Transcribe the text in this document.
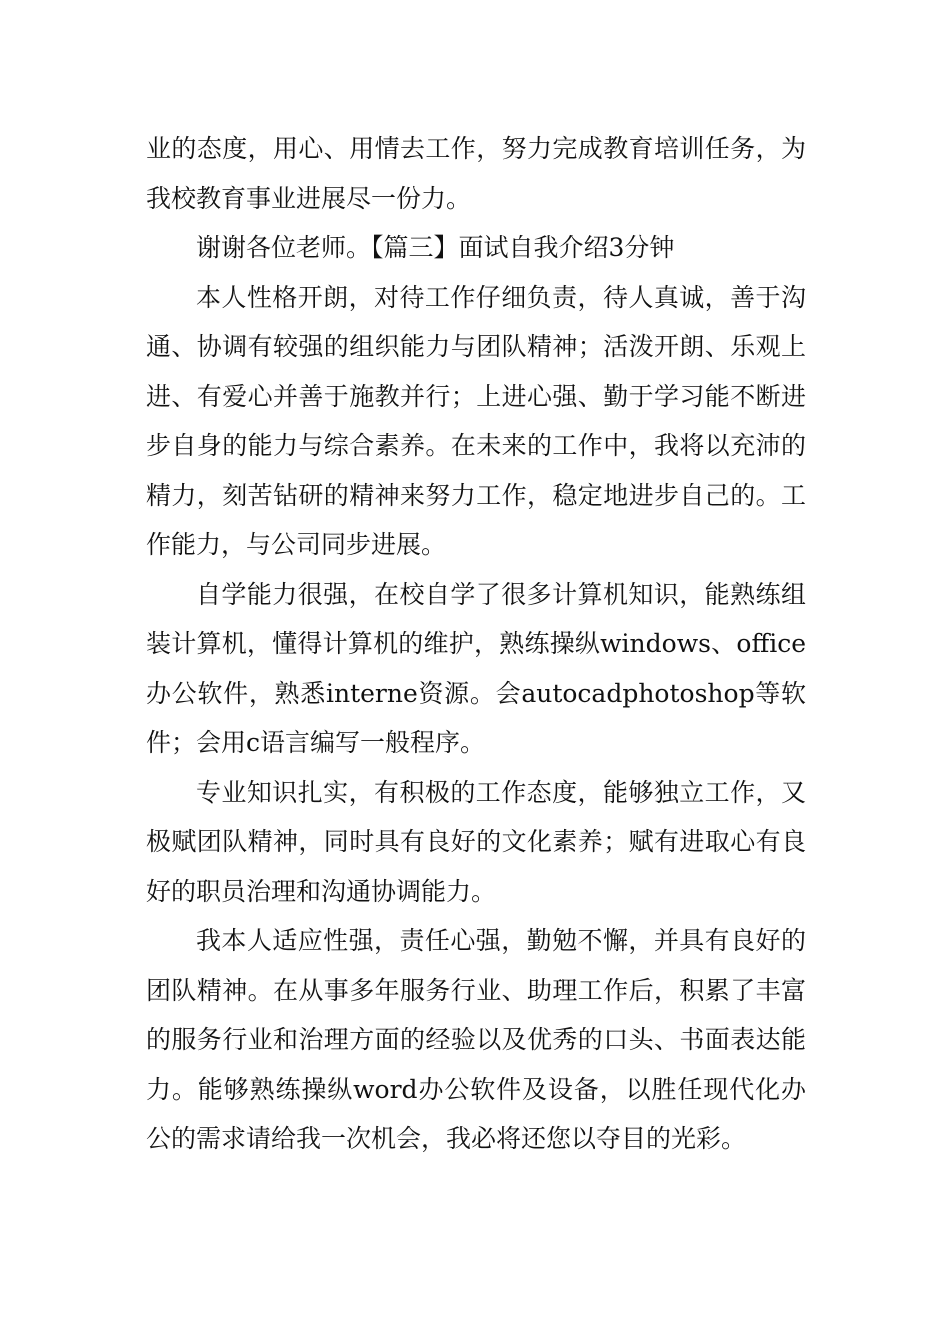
业的态度，用心、用情去工作，努力完成教育培训任务，为我校教育事业进展尽一份力。

谢谢各位老师。【篇三】面试自我介绍3分钟

本人性格开朗，对待工作仔细负责，待人真诚，善于沟通、协调有较强的组织能力与团队精神；活泼开朗、乐观上进、有爱心并善于施教并行；上进心强、勤于学习能不断进步自身的能力与综合素养。在未来的工作中，我将以充沛的精力，刻苦钻研的精神来努力工作，稳定地进步自己的。工作能力，与公司同步进展。

自学能力很强，在校自学了很多计算机知识，能熟练组装计算机，懂得计算机的维护，熟练操纵windows、office办公软件，熟悉interne资源。会autocadphotoshop等软件；会用c语言编写一般程序。

专业知识扎实，有积极的工作态度，能够独立工作，又极赋团队精神，同时具有良好的文化素养；赋有进取心有良好的职员治理和沟通协调能力。

我本人适应性强，责任心强，勤勉不懈，并具有良好的团队精神。在从事多年服务行业、助理工作后，积累了丰富的服务行业和治理方面的经验以及优秀的口头、书面表达能力。能够熟练操纵word办公软件及设备，以胜任现代化办公的需求请给我一次机会，我必将还您以夺目的光彩。
